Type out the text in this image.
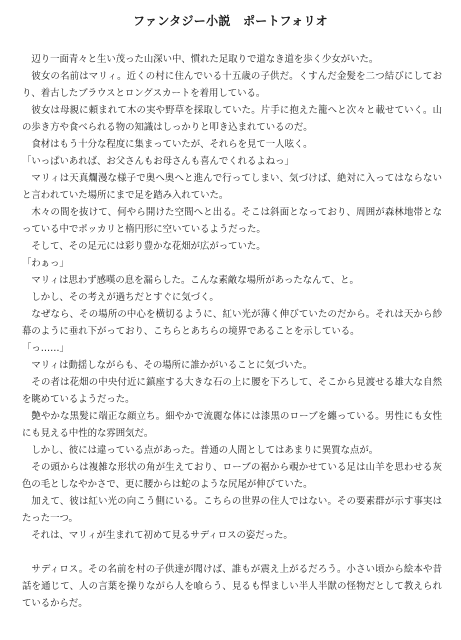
ファンタジー小説　ポートフォリオ

辺り一面青々と生い茂った山深い中、慣れた足取りで道なき道を歩く少女がいた。

彼女の名前はマリィ。近くの村に住んでいる十五歳の子供だ。くすんだ金髪を二つ結びにしており、着古したブラウスとロングスカートを着用している。

彼女は母親に頼まれて木の実や野草を採取していた。片手に抱えた籠へと次々と載せていく。山の歩き方や食べられる物の知識はしっかりと叩き込まれているのだ。

食材はもう十分な程度に集まっていたが、それらを見て一人呟く。

「いっぱいあれば、お父さんもお母さんも喜んでくれるよねっ」

マリィは天真爛漫な様子で奥へ奥へと進んで行ってしまい、気づけば、絶対に入ってはならないと言われていた場所にまで足を踏み入れていた。

木々の間を抜けて、何やら開けた空間へと出る。そこは斜面となっており、周囲が森林地帯となっている中でポッカリと楕円形に空いているようだった。

そして、その足元には彩り豊かな花畑が広がっていた。

「わぁっ」

マリィは思わず感嘆の息を漏らした。こんな素敵な場所があったなんて、と。

しかし、その考えが過ちだとすぐに気づく。

なぜなら、その場所の中心を横切るように、紅い光が薄く伸びていたのだから。それは天から紗幕のように垂れ下がっており、こちらとあちらの境界であることを示している。

「っ……」

マリィは動揺しながらも、その場所に誰かがいることに気づいた。

その者は花畑の中央付近に鎮座する大きな石の上に腰を下ろして、そこから見渡せる雄大な自然を眺めているようだった。

艶やかな黒髪に端正な顔立ち。細やかで流麗な体には漆黒のローブを纏っている。男性にも女性にも見える中性的な雰囲気だ。

しかし、彼には違っている点があった。普通の人間としてはあまりに異質な点が。

その頭からは複雑な形状の角が生えており、ローブの裾から覗かせている足は山羊を思わせる灰色の毛としなやかさで、更に腰からは蛇のような尻尾が伸びていた。

加えて、彼は紅い光の向こう側にいる。こちらの世界の住人ではない。その要素群が示す事実はたった一つ。

それは、マリィが生まれて初めて見るサディロスの姿だった。

サディロス。その名前を村の子供達が聞けば、誰もが震え上がるだろう。小さい頃から絵本や昔話を通じて、人の言葉を操りながら人を喰らう、見るも悍ましい半人半獣の怪物だとして教えられているからだ。
